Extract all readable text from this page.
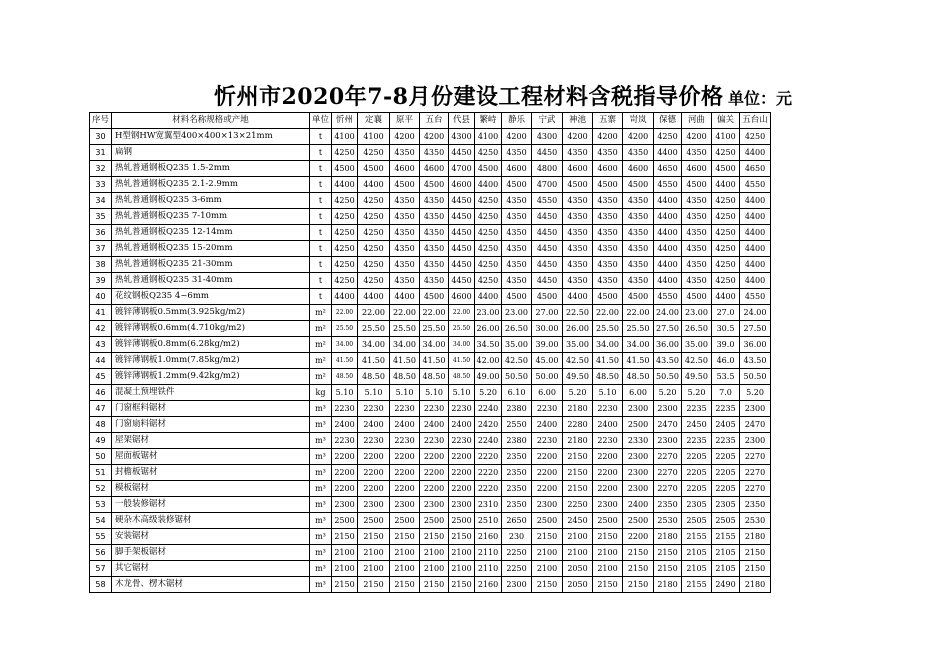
忻州市2020年7-8月份建设工程材料含税指导价格 单位：元
序号	材料名称规格或产地	单位	忻州	定襄	原平	五台	代县	繁峙	静乐	宁武	神池	五寨	岢岚	保德	河曲	偏关	五台山
30	H型钢HW宽翼型400×400×13×21mm	t	4100	4100	4200	4200	4300	4100	4200	4300	4200	4200	4200	4250	4200	4100	4250
31	扁钢	t	4250	4250	4350	4350	4450	4250	4350	4450	4350	4350	4350	4400	4350	4250	4400
32	热轧普通钢板Q235 1.5-2mm	t	4500	4500	4600	4600	4700	4500	4600	4800	4600	4600	4600	4650	4600	4500	4650
33	热轧普通钢板Q235 2.1-2.9mm	t	4400	4400	4500	4500	4600	4400	4500	4700	4500	4500	4500	4550	4500	4400	4550
34	热轧普通钢板Q235 3-6mm	t	4250	4250	4350	4350	4450	4250	4350	4550	4350	4350	4350	4400	4350	4250	4400
35	热轧普通钢板Q235 7-10mm	t	4250	4250	4350	4350	4450	4250	4350	4450	4350	4350	4350	4400	4350	4250	4400
36	热轧普通钢板Q235 12-14mm	t	4250	4250	4350	4350	4450	4250	4350	4450	4350	4350	4350	4400	4350	4250	4400
37	热轧普通钢板Q235 15-20mm	t	4250	4250	4350	4350	4450	4250	4350	4450	4350	4350	4350	4400	4350	4250	4400
38	热轧普通钢板Q235 21-30mm	t	4250	4250	4350	4350	4450	4250	4350	4450	4350	4350	4350	4400	4350	4250	4400
39	热轧普通钢板Q235 31-40mm	t	4250	4250	4350	4350	4450	4250	4350	4450	4350	4350	4350	4400	4350	4250	4400
40	花纹钢板Q235 4~6mm	t	4400	4400	4400	4500	4600	4400	4500	4500	4400	4500	4500	4550	4500	4400	4550
41	镀锌薄钢板0.5mm(3.925kg/m2)	m²	22.00	22.00	22.00	22.00	22.00	23.00	23.00	27.00	22.50	22.00	22.00	24.00	23.00	27.0	24.00
42	镀锌薄钢板0.6mm(4.710kg/m2)	m²	25.50	25.50	25.50	25.50	25.50	26.00	26.50	30.00	26.00	25.50	25.50	27.50	26.50	30.5	27.50
43	镀锌薄钢板0.8mm(6.28kg/m2)	m²	34.00	34.00	34.00	34.00	34.00	34.50	35.00	39.00	35.00	34.00	34.00	36.00	35.00	39.0	36.00
44	镀锌薄钢板1.0mm(7.85kg/m2)	m²	41.50	41.50	41.50	41.50	41.50	42.00	42.50	45.00	42.50	41.50	41.50	43.50	42.50	46.0	43.50
45	镀锌薄钢板1.2mm(9.42kg/m2)	m²	48.50	48.50	48.50	48.50	48.50	49.00	50.50	50.00	49.50	48.50	48.50	50.50	49.50	53.5	50.50
46	混凝土预埋铁件	kg	5.10	5.10	5.10	5.10	5.10	5.20	6.10	6.00	5.20	5.10	6.00	5.20	5.20	7.0	5.20
47	门窗框料锯材	m³	2230	2230	2230	2230	2230	2240	2380	2230	2180	2230	2300	2300	2235	2235	2300
48	门窗扇料锯材	m³	2400	2400	2400	2400	2400	2420	2550	2400	2280	2400	2500	2470	2450	2405	2470
49	屋架锯材	m³	2230	2230	2230	2230	2230	2240	2380	2230	2180	2230	2330	2300	2235	2235	2300
50	屋面板锯材	m³	2200	2200	2200	2200	2200	2220	2350	2200	2150	2200	2300	2270	2205	2205	2270
51	封檐板锯材	m³	2200	2200	2200	2200	2200	2220	2350	2200	2150	2200	2300	2270	2205	2205	2270
52	模板锯材	m³	2200	2200	2200	2200	2200	2220	2350	2200	2150	2200	2300	2270	2205	2205	2270
53	一般装修锯材	m³	2300	2300	2300	2300	2300	2310	2350	2300	2250	2300	2400	2350	2305	2305	2350
54	硬杂木高级装修锯材	m³	2500	2500	2500	2500	2500	2510	2650	2500	2450	2500	2500	2530	2505	2505	2530
55	安装锯材	m³	2150	2150	2150	2150	2150	2160	230	2150	2100	2150	2200	2180	2155	2155	2180
56	脚手架板锯材	m³	2100	2100	2100	2100	2100	2110	2250	2100	2100	2100	2150	2150	2105	2105	2150
57	其它锯材	m³	2100	2100	2100	2100	2100	2110	2250	2100	2050	2100	2150	2150	2105	2105	2150
58	木龙骨、楞木锯材	m³	2150	2150	2150	2150	2150	2160	2300	2150	2050	2150	2150	2180	2155	2490	2180
